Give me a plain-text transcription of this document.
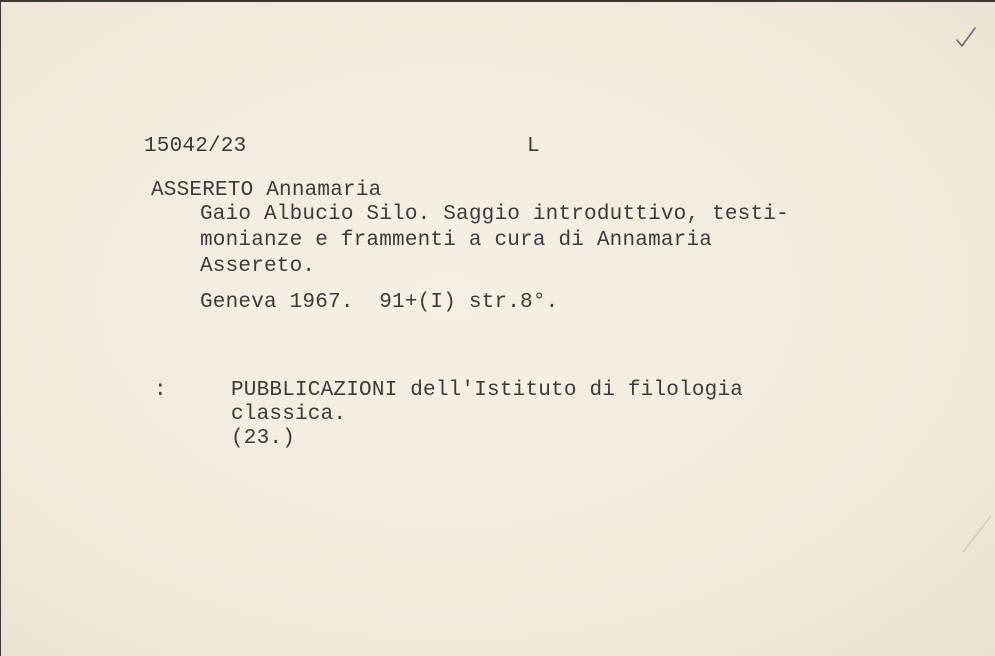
15042/23	L
ASSERETO Annamaria
Gaio Albucio Silo. Saggio introduttivo, testi-
monianze e frammenti a cura di Annamaria
Assereto.
Geneva 1967.  91+(I) str.8°.
:	PUBBLICAZIONI dell'Istituto di filologia
classica.
(23.)
